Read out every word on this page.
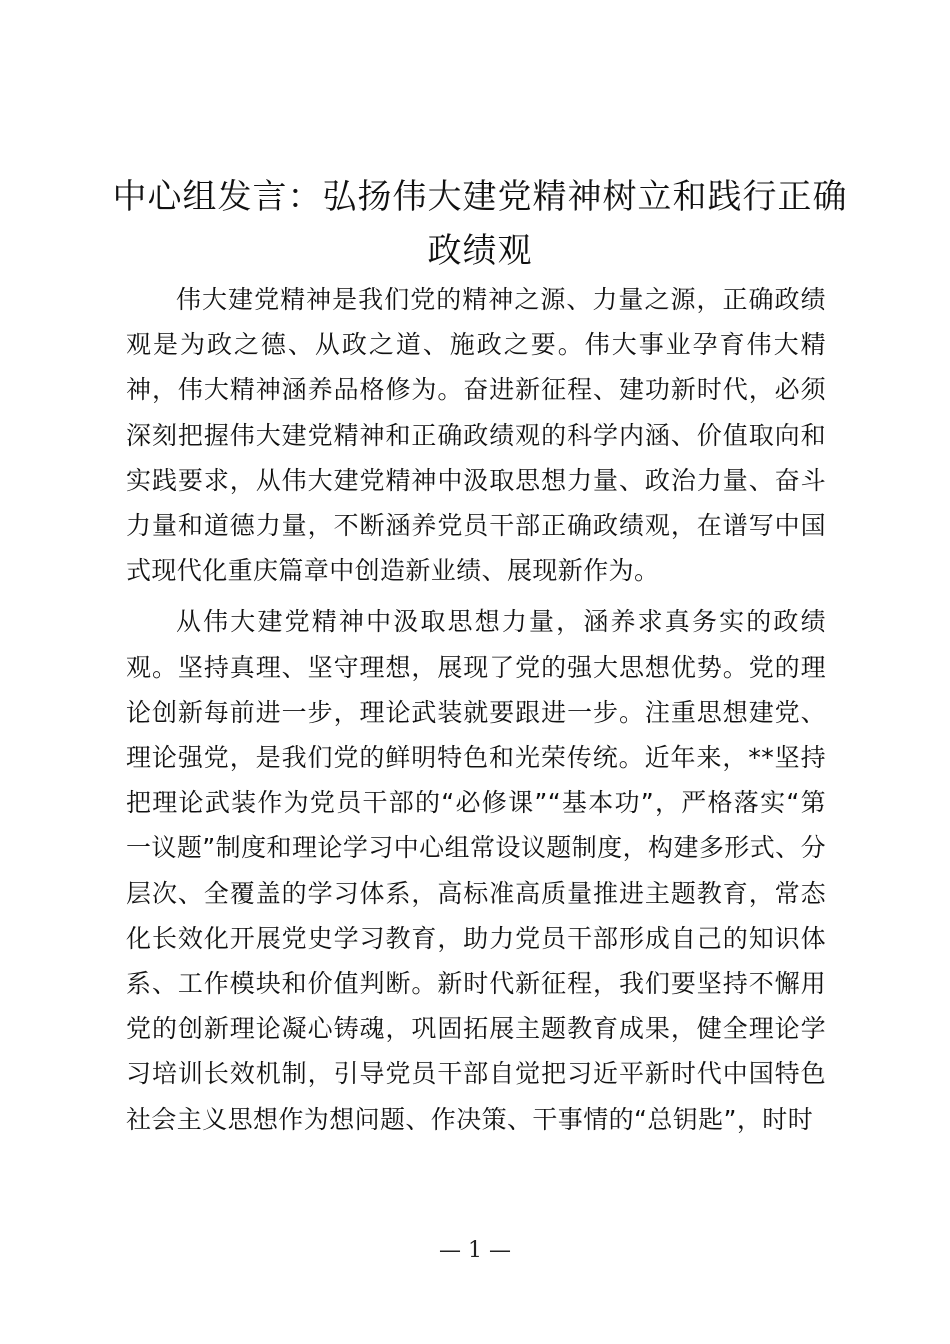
中心组发言：弘扬伟大建党精神树立和践行正确政绩观

伟大建党精神是我们党的精神之源、力量之源，正确政绩观是为政之德、从政之道、施政之要。伟大事业孕育伟大精神，伟大精神涵养品格修为。奋进新征程、建功新时代，必须深刻把握伟大建党精神和正确政绩观的科学内涵、价值取向和实践要求，从伟大建党精神中汲取思想力量、政治力量、奋斗力量和道德力量，不断涵养党员干部正确政绩观，在谱写中国式现代化重庆篇章中创造新业绩、展现新作为。

从伟大建党精神中汲取思想力量，涵养求真务实的政绩观。坚持真理、坚守理想，展现了党的强大思想优势。党的理论创新每前进一步，理论武装就要跟进一步。注重思想建党、理论强党，是我们党的鲜明特色和光荣传统。近年来，**坚持把理论武装作为党员干部的“必修课”“基本功”，严格落实“第一议题”制度和理论学习中心组常设议题制度，构建多形式、分层次、全覆盖的学习体系，高标准高质量推进主题教育，常态化长效化开展党史学习教育，助力党员干部形成自己的知识体系、工作模块和价值判断。新时代新征程，我们要坚持不懈用党的创新理论凝心铸魂，巩固拓展主题教育成果，健全理论学习培训长效机制，引导党员干部自觉把习近平新时代中国特色社会主义思想作为想问题、作决策、干事情的“总钥匙”，时时

— 1 —
